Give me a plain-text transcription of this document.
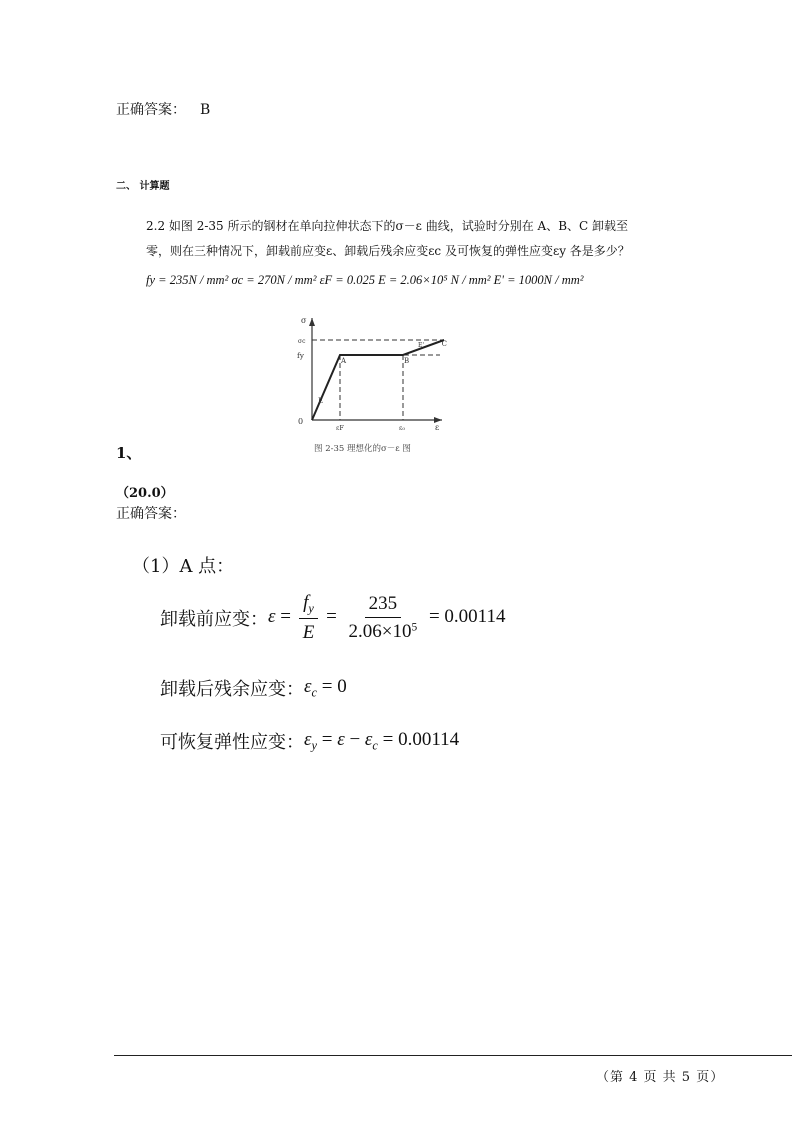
正确答案： B
二、 计算题
2.2 如图 2-35 所示的钢材在单向拉伸状态下的σ－ε 曲线，试验时分别在 A、B、C 卸载至
零，则在三种情况下，卸载前应变ε、卸载后残余应变εc 及可恢复的弹性应变εy 各是多少？
fy = 235N / mm² σc = 270N / mm² εF = 0.025 E = 2.06×10⁵ N / mm² E' = 1000N / mm²
σ
σc
fy
0
A	B
C
E
E'
εF	ε₀	ε
图 2-35 理想化的σ－ε 图
1、
（20.0）
正确答案：
（1）A 点：
卸载前应变： $\varepsilon = \frac{f_y}{E} = \frac{235}{2.06\times 10^5} = 0.00114$
卸载后残余应变： $\varepsilon_c = 0$
可恢复弹性应变： $\varepsilon_y = \varepsilon - \varepsilon_c = 0.00114$
（第 4 页 共 5 页）
